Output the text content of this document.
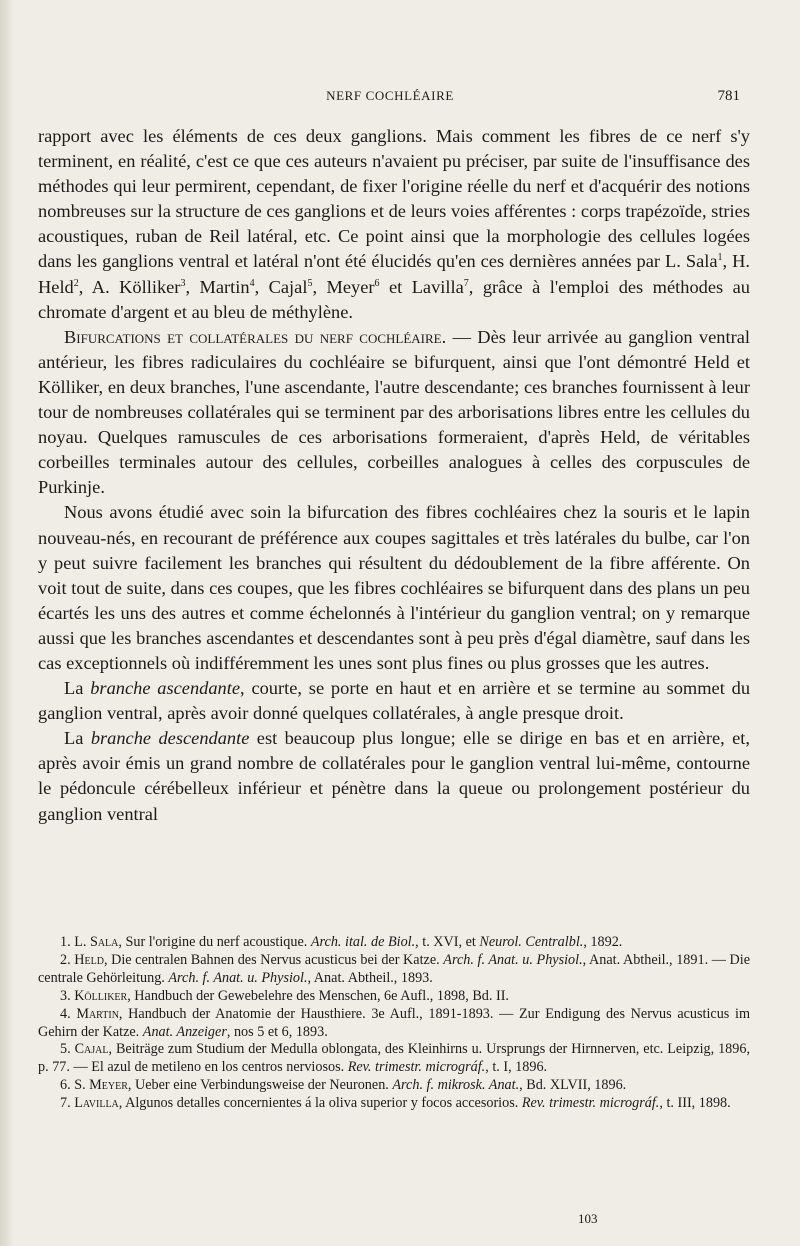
NERF COCHLÉAIRE	781

rapport avec les éléments de ces deux ganglions. Mais comment les fibres de ce nerf s'y terminent, en réalité, c'est ce que ces auteurs n'avaient pu préciser, par suite de l'insuffisance des méthodes qui leur permirent, cependant, de fixer l'origine réelle du nerf et d'acquérir des notions nombreuses sur la structure de ces ganglions et de leurs voies afférentes : corps trapézoïde, stries acoustiques, ruban de Reil latéral, etc. Ce point ainsi que la morphologie des cellules logées dans les ganglions ventral et latéral n'ont été élucidés qu'en ces dernières années par L. Sala$^1$, H. Held$^2$, A. Kölliker$^3$, Martin$^4$, Cajal$^5$, Meyer$^6$ et Lavilla$^7$, grâce à l'emploi des méthodes au chromate d'argent et au bleu de méthylène.

Bifurcations et collatérales du nerf cochléaire. — Dès leur arrivée au ganglion ventral antérieur, les fibres radiculaires du cochléaire se bifurquent, ainsi que l'ont démontré Held et Kölliker, en deux branches, l'une ascendante, l'autre descendante; ces branches fournissent à leur tour de nombreuses collatérales qui se terminent par des arborisations libres entre les cellules du noyau. Quelques ramuscules de ces arborisations formeraient, d'après Held, de véritables corbeilles terminales autour des cellules, corbeilles analogues à celles des corpuscules de Purkinje.

Nous avons étudié avec soin la bifurcation des fibres cochléaires chez la souris et le lapin nouveau-nés, en recourant de préférence aux coupes sagittales et très latérales du bulbe, car l'on y peut suivre facilement les branches qui résultent du dédoublement de la fibre afférente. On voit tout de suite, dans ces coupes, que les fibres cochléaires se bifurquent dans des plans un peu écartés les uns des autres et comme échelonnés à l'intérieur du ganglion ventral; on y remarque aussi que les branches ascendantes et descendantes sont à peu près d'égal diamètre, sauf dans les cas exceptionnels où indifféremment les unes sont plus fines ou plus grosses que les autres.

La branche ascendante, courte, se porte en haut et en arrière et se termine au sommet du ganglion ventral, après avoir donné quelques collatérales, à angle presque droit.

La branche descendante est beaucoup plus longue; elle se dirige en bas et en arrière, et, après avoir émis un grand nombre de collatérales pour le ganglion ventral lui-même, contourne le pédoncule cérébelleux inférieur et pénètre dans la queue ou prolongement postérieur du ganglion ventral

1. L. Sala, Sur l'origine du nerf acoustique. Arch. ital. de Biol., t. XVI, et Neurol. Centralbl., 1892.

2. Held, Die centralen Bahnen des Nervus acusticus bei der Katze. Arch. f. Anat. u. Physiol., Anat. Abtheil., 1891. — Die centrale Gehörleitung. Arch. f. Anat. u. Physiol., Anat. Abtheil., 1893.

3. Kölliker, Handbuch der Gewebelehre des Menschen, 6e Aufl., 1898, Bd. II.

4. Martin, Handbuch der Anatomie der Hausthiere. 3e Aufl., 1891-1893. — Zur Endigung des Nervus acusticus im Gehirn der Katze. Anat. Anzeiger, nos 5 et 6, 1893.

5. Cajal, Beiträge zum Studium der Medulla oblongata, des Kleinhirns u. Ursprungs der Hirnnerven, etc. Leipzig, 1896, p. 77. — El azul de metileno en los centros nerviosos. Rev. trimestr. micrográf., t. I, 1896.

6. S. Meyer, Ueber eine Verbindungsweise der Neuronen. Arch. f. mikrosk. Anat., Bd. XLVII, 1896.

7. Lavilla, Algunos detalles concernientes á la oliva superior y focos accesorios. Rev. trimestr. micrográf., t. III, 1898.

103
